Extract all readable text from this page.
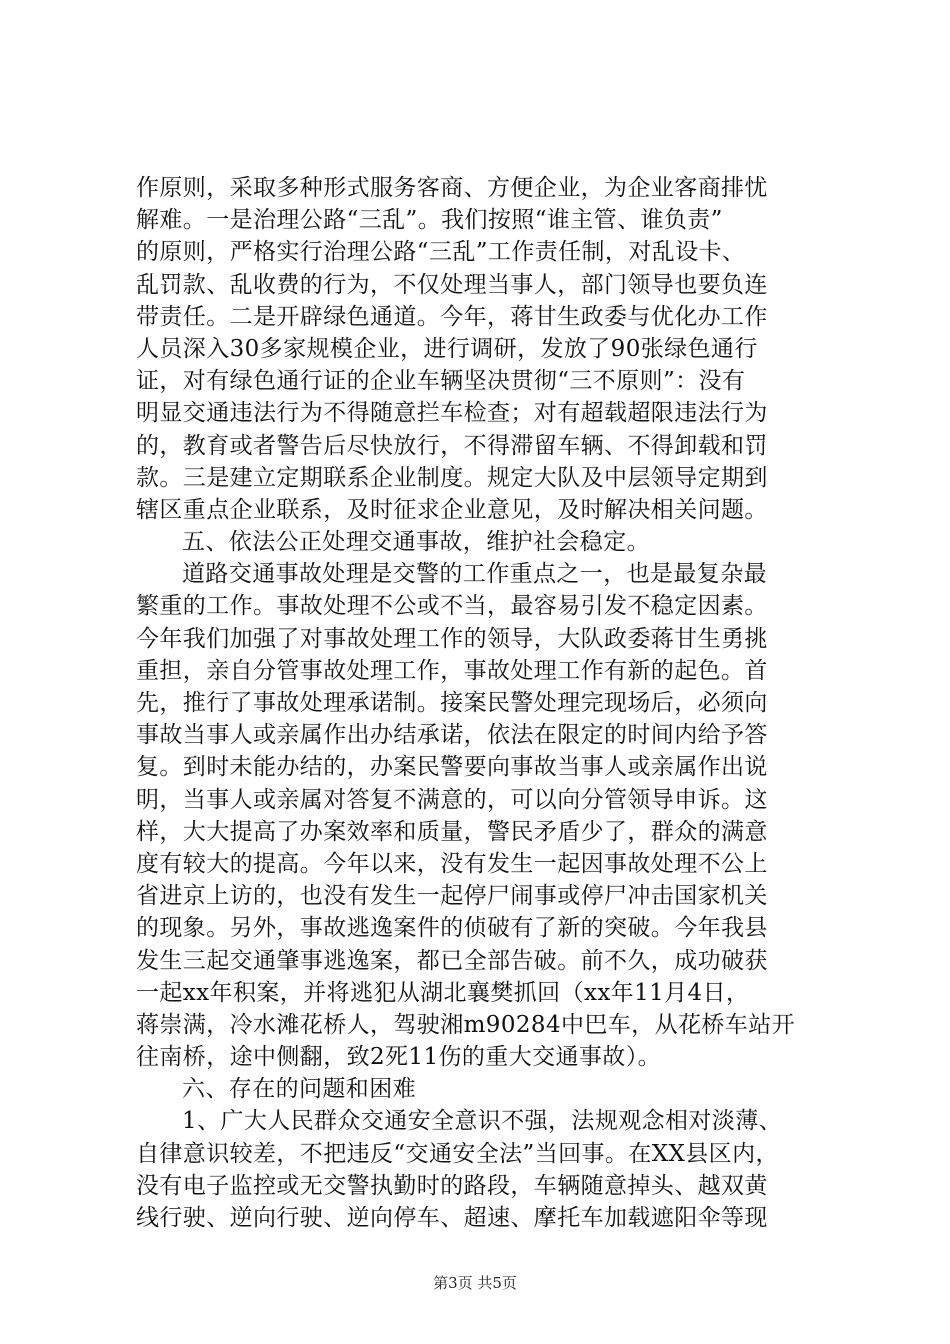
作原则，采取多种形式服务客商、方便企业，为企业客商排忧
解难。一是治理公路“三乱”。我们按照“谁主管、谁负责”
的原则，严格实行治理公路“三乱”工作责任制，对乱设卡、
乱罚款、乱收费的行为，不仅处理当事人，部门领导也要负连
带责任。二是开辟绿色通道。今年，蒋甘生政委与优化办工作
人员深入30多家规模企业，进行调研，发放了90张绿色通行
证，对有绿色通行证的企业车辆坚决贯彻“三不原则”：没有
明显交通违法行为不得随意拦车检查；对有超载超限违法行为
的，教育或者警告后尽快放行，不得滞留车辆、不得卸载和罚
款。三是建立定期联系企业制度。规定大队及中层领导定期到
辖区重点企业联系，及时征求企业意见，及时解决相关问题。
五、依法公正处理交通事故，维护社会稳定。
道路交通事故处理是交警的工作重点之一，也是最复杂最
繁重的工作。事故处理不公或不当，最容易引发不稳定因素。
今年我们加强了对事故处理工作的领导，大队政委蒋甘生勇挑
重担，亲自分管事故处理工作，事故处理工作有新的起色。首
先，推行了事故处理承诺制。接案民警处理完现场后，必须向
事故当事人或亲属作出办结承诺，依法在限定的时间内给予答
复。到时未能办结的，办案民警要向事故当事人或亲属作出说
明，当事人或亲属对答复不满意的，可以向分管领导申诉。这
样，大大提高了办案效率和质量，警民矛盾少了，群众的满意
度有较大的提高。今年以来，没有发生一起因事故处理不公上
省进京上访的，也没有发生一起停尸闹事或停尸冲击国家机关
的现象。另外，事故逃逸案件的侦破有了新的突破。今年我县
发生三起交通肇事逃逸案，都已全部告破。前不久，成功破获
一起xx年积案，并将逃犯从湖北襄樊抓回（xx年11月4日，
蒋崇满，冷水滩花桥人，驾驶湘m90284中巴车，从花桥车站开
往南桥，途中侧翻，致2死11伤的重大交通事故）。
六、存在的问题和困难
1、广大人民群众交通安全意识不强，法规观念相对淡薄、
自律意识较差，不把违反“交通安全法”当回事。在XX县区内，
没有电子监控或无交警执勤时的路段，车辆随意掉头、越双黄
线行驶、逆向行驶、逆向停车、超速、摩托车加载遮阳伞等现
第3页 共5页
